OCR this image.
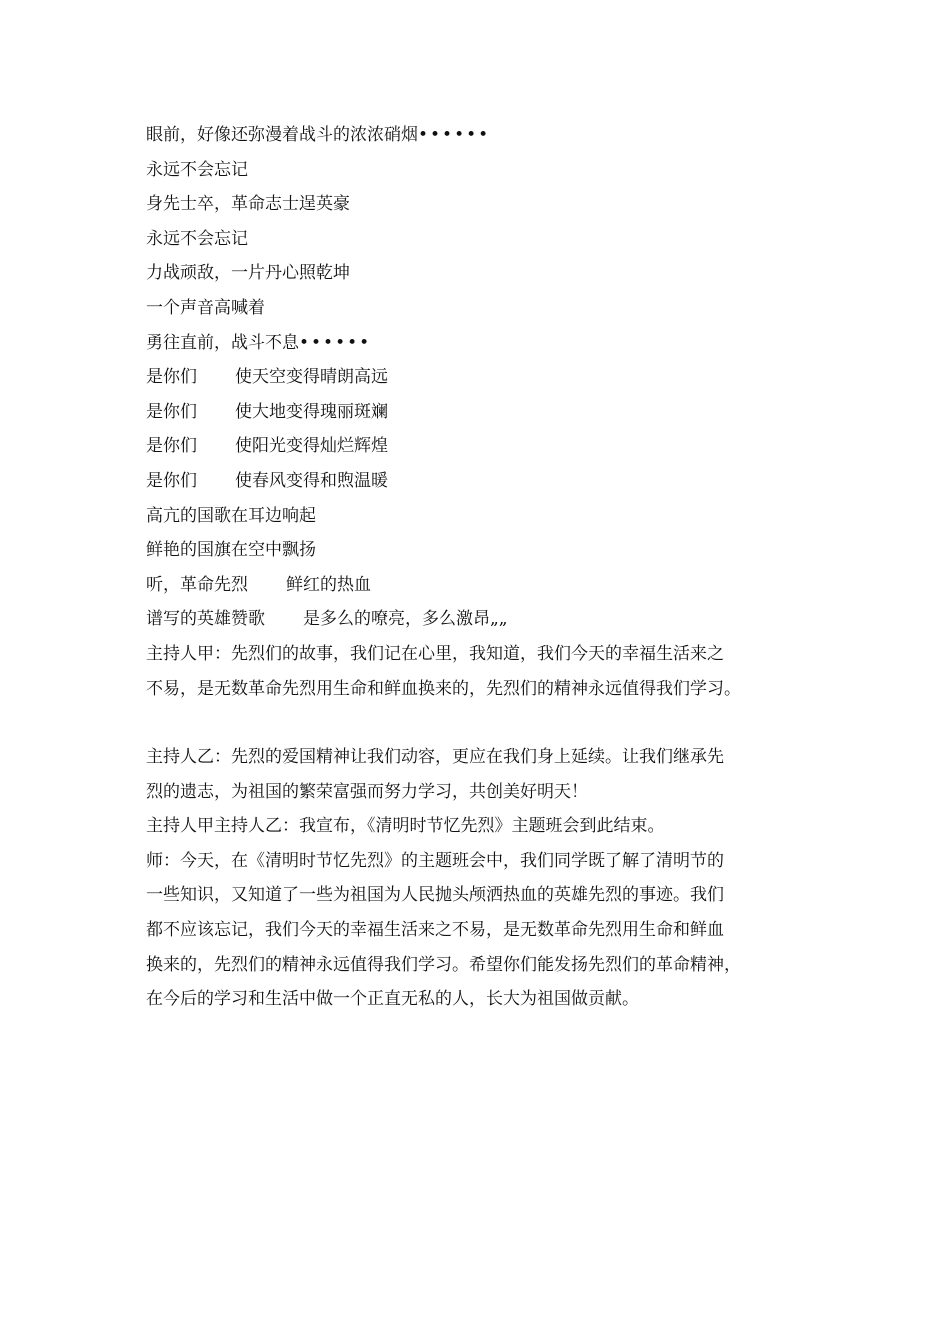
眼前，好像还弥漫着战斗的浓浓硝烟••••••
永远不会忘记
身先士卒，革命志士逞英豪
永远不会忘记
力战顽敌，一片丹心照乾坤
一个声音高喊着
勇往直前，战斗不息••••••
是你们 使天空变得晴朗高远
是你们 使大地变得瑰丽斑斓
是你们 使阳光变得灿烂辉煌
是你们 使春风变得和煦温暖
高亢的国歌在耳边响起
鲜艳的国旗在空中飘扬
听，革命先烈 鲜红的热血
谱写的英雄赞歌 是多么的嘹亮，多么激昂„„
主持人甲：先烈们的故事，我们记在心里，我知道，我们今天的幸福生活来之
不易，是无数革命先烈用生命和鲜血换来的，先烈们的精神永远值得我们学习。
主持人乙：先烈的爱国精神让我们动容，更应在我们身上延续。让我们继承先
烈的遗志，为祖国的繁荣富强而努力学习，共创美好明天！
主持人甲主持人乙：我宣布，《清明时节忆先烈》主题班会到此结束。
师：今天，在《清明时节忆先烈》的主题班会中，我们同学既了解了清明节的
一些知识，又知道了一些为祖国为人民抛头颅洒热血的英雄先烈的事迹。我们
都不应该忘记，我们今天的幸福生活来之不易，是无数革命先烈用生命和鲜血
换来的，先烈们的精神永远值得我们学习。希望你们能发扬先烈们的革命精神，
在今后的学习和生活中做一个正直无私的人，长大为祖国做贡献。
